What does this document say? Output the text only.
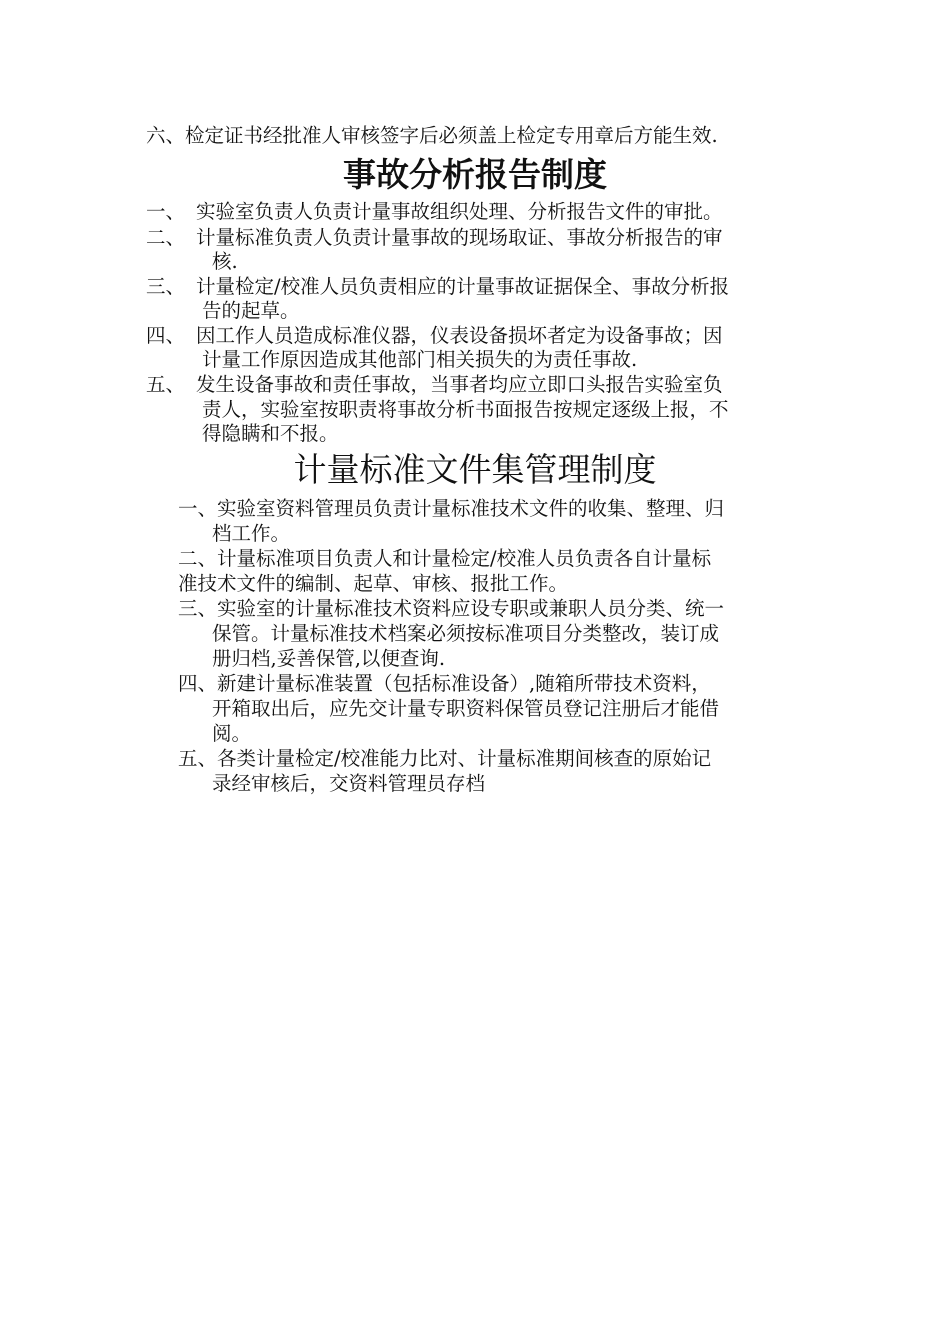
六、检定证书经批准人审核签字后必须盖上检定专用章后方能生效.
事故分析报告制度
一、 实验室负责人负责计量事故组织处理、分析报告文件的审批。
二、 计量标准负责人负责计量事故的现场取证、事故分析报告的审
核.
三、 计量检定/校准人员负责相应的计量事故证据保全、事故分析报
告的起草。
四、 因工作人员造成标准仪器，仪表设备损坏者定为设备事故；因
计量工作原因造成其他部门相关损失的为责任事故.
五、 发生设备事故和责任事故，当事者均应立即口头报告实验室负
责人，实验室按职责将事故分析书面报告按规定逐级上报，不
得隐瞒和不报。
计量标准文件集管理制度
一、实验室资料管理员负责计量标准技术文件的收集、整理、归
档工作。
二、计量标准项目负责人和计量检定/校准人员负责各自计量标
准技术文件的编制、起草、审核、报批工作。
三、实验室的计量标准技术资料应设专职或兼职人员分类、统一
保管。计量标准技术档案必须按标准项目分类整改，装订成
册归档,妥善保管,以便查询.
四、新建计量标准装置（包括标准设备）,随箱所带技术资料，
开箱取出后，应先交计量专职资料保管员登记注册后才能借
阅。
五、各类计量检定/校准能力比对、计量标准期间核查的原始记
录经审核后，交资料管理员存档
